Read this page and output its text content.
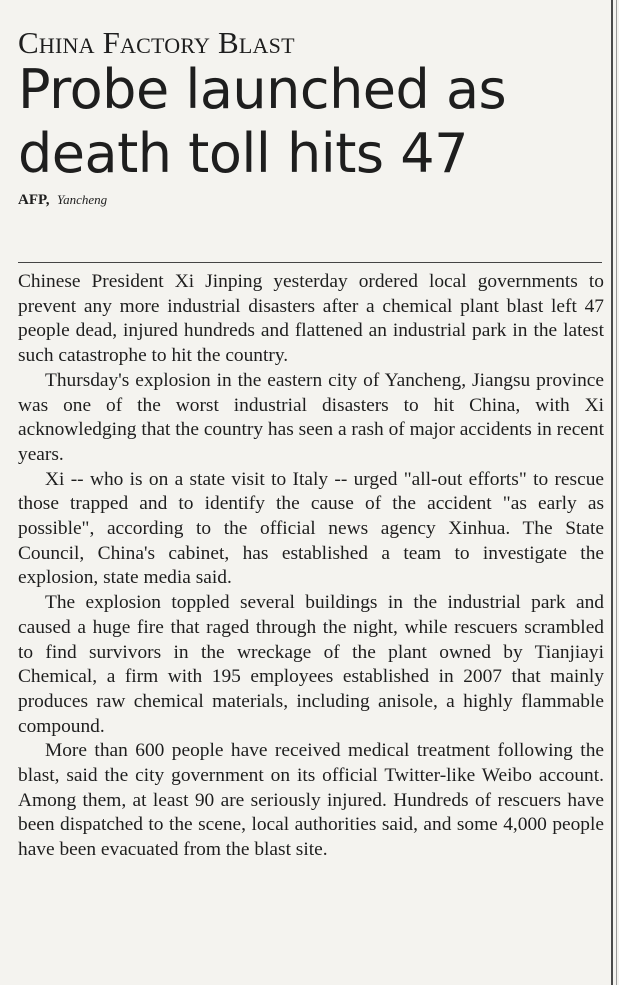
China Factory Blast
Probe launched as death toll hits 47
AFP, Yancheng

Chinese President Xi Jinping yesterday ordered local governments to prevent any more industrial disasters after a chemical plant blast left 47 people dead, injured hundreds and flattened an industrial park in the latest such catastrophe to hit the country.

Thursday's explosion in the eastern city of Yancheng, Jiangsu province was one of the worst industrial disasters to hit China, with Xi acknowledging that the country has seen a rash of major accidents in recent years.

Xi -- who is on a state visit to Italy -- urged "all-out efforts" to rescue those trapped and to identify the cause of the accident "as early as possible", according to the official news agency Xinhua. The State Council, China's cabinet, has established a team to investigate the explosion, state media said.

The explosion toppled several buildings in the industrial park and caused a huge fire that raged through the night, while rescuers scrambled to find survivors in the wreckage of the plant owned by Tianjiayi Chemical, a firm with 195 employees established in 2007 that mainly produces raw chemical materials, including anisole, a highly flammable compound.

More than 600 people have received medical treatment following the blast, said the city government on its official Twitter-like Weibo account. Among them, at least 90 are seriously injured. Hundreds of rescuers have been dispatched to the scene, local authorities said, and some 4,000 people have been evacuated from the blast site.
